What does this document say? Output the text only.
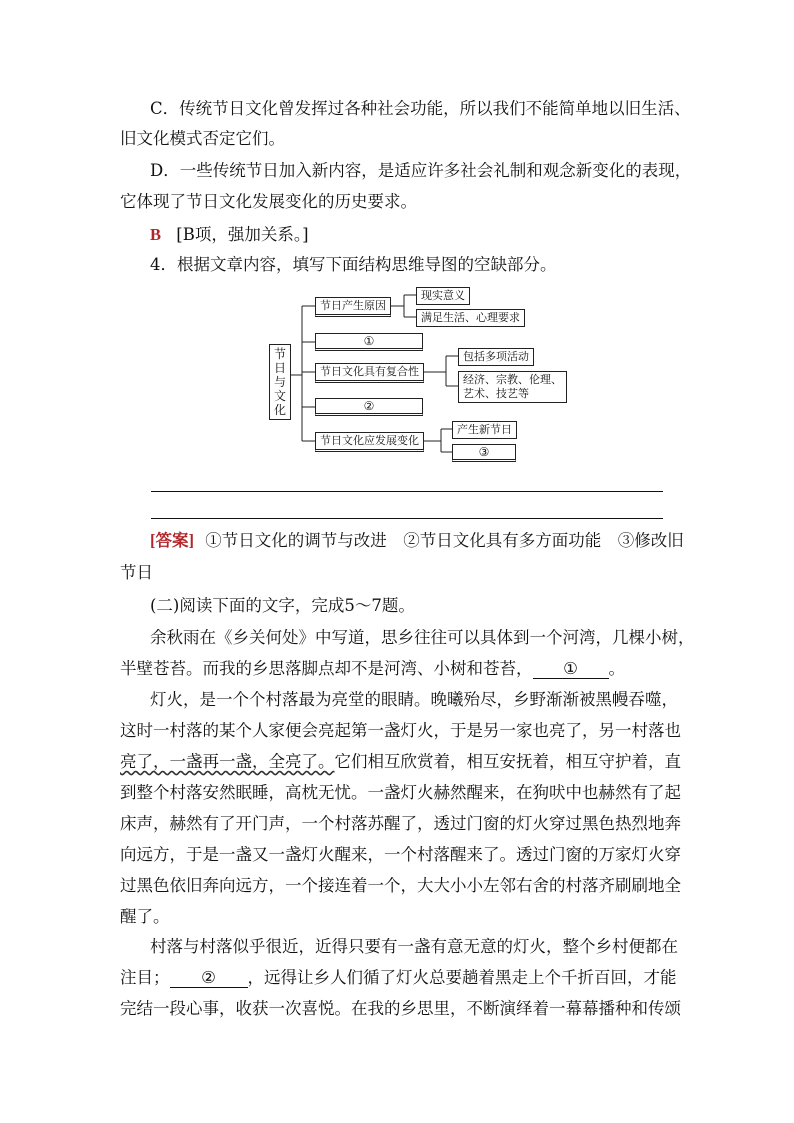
C．传统节日文化曾发挥过各种社会功能，所以我们不能简单地以旧生活、
旧文化模式否定它们。
D．一些传统节日加入新内容，是适应许多社会礼制和观念新变化的表现，
它体现了节日文化发展变化的历史要求。
B [B项，强加关系。]
4．根据文章内容，填写下面结构思维导图的空缺部分。
节日与文化
节日产生原因
现实意义
满足生活、心理要求
①
节日文化具有复合性
包括多项活动
经济、宗教、伦理、
艺术、技艺等
②
节日文化应发展变化
产生新节日
③
[答案] ①节日文化的调节与改进　②节日文化具有多方面功能　③修改旧
节日
(二)阅读下面的文字，完成5～7题。
余秋雨在《乡关何处》中写道，思乡往往可以具体到一个河湾，几棵小树，
半壁苍苔。而我的乡思落脚点却不是河湾、小树和苍苔， ① 。
灯火，是一个个村落最为亮堂的眼睛。晚曦殆尽，乡野渐渐被黑幔吞噬，
这时一村落的某个人家便会亮起第一盏灯火，于是另一家也亮了，另一村落也
亮了，一盏再一盏，全亮了。它们相互欣赏着，相互安抚着，相互守护着，直
到整个村落安然眠睡，高枕无忧。一盏灯火赫然醒来，在狗吠中也赫然有了起
床声，赫然有了开门声，一个村落苏醒了，透过门窗的灯火穿过黑色热烈地奔
向远方，于是一盏又一盏灯火醒来，一个村落醒来了。透过门窗的万家灯火穿
过黑色依旧奔向远方，一个接连着一个，大大小小左邻右舍的村落齐刷刷地全
醒了。
村落与村落似乎很近，近得只要有一盏有意无意的灯火，整个乡村便都在
注目； ② ，远得让乡人们循了灯火总要趟着黑走上个千折百回，才能
完结一段心事，收获一次喜悦。在我的乡思里，不断演绎着一幕幕播种和传颂
